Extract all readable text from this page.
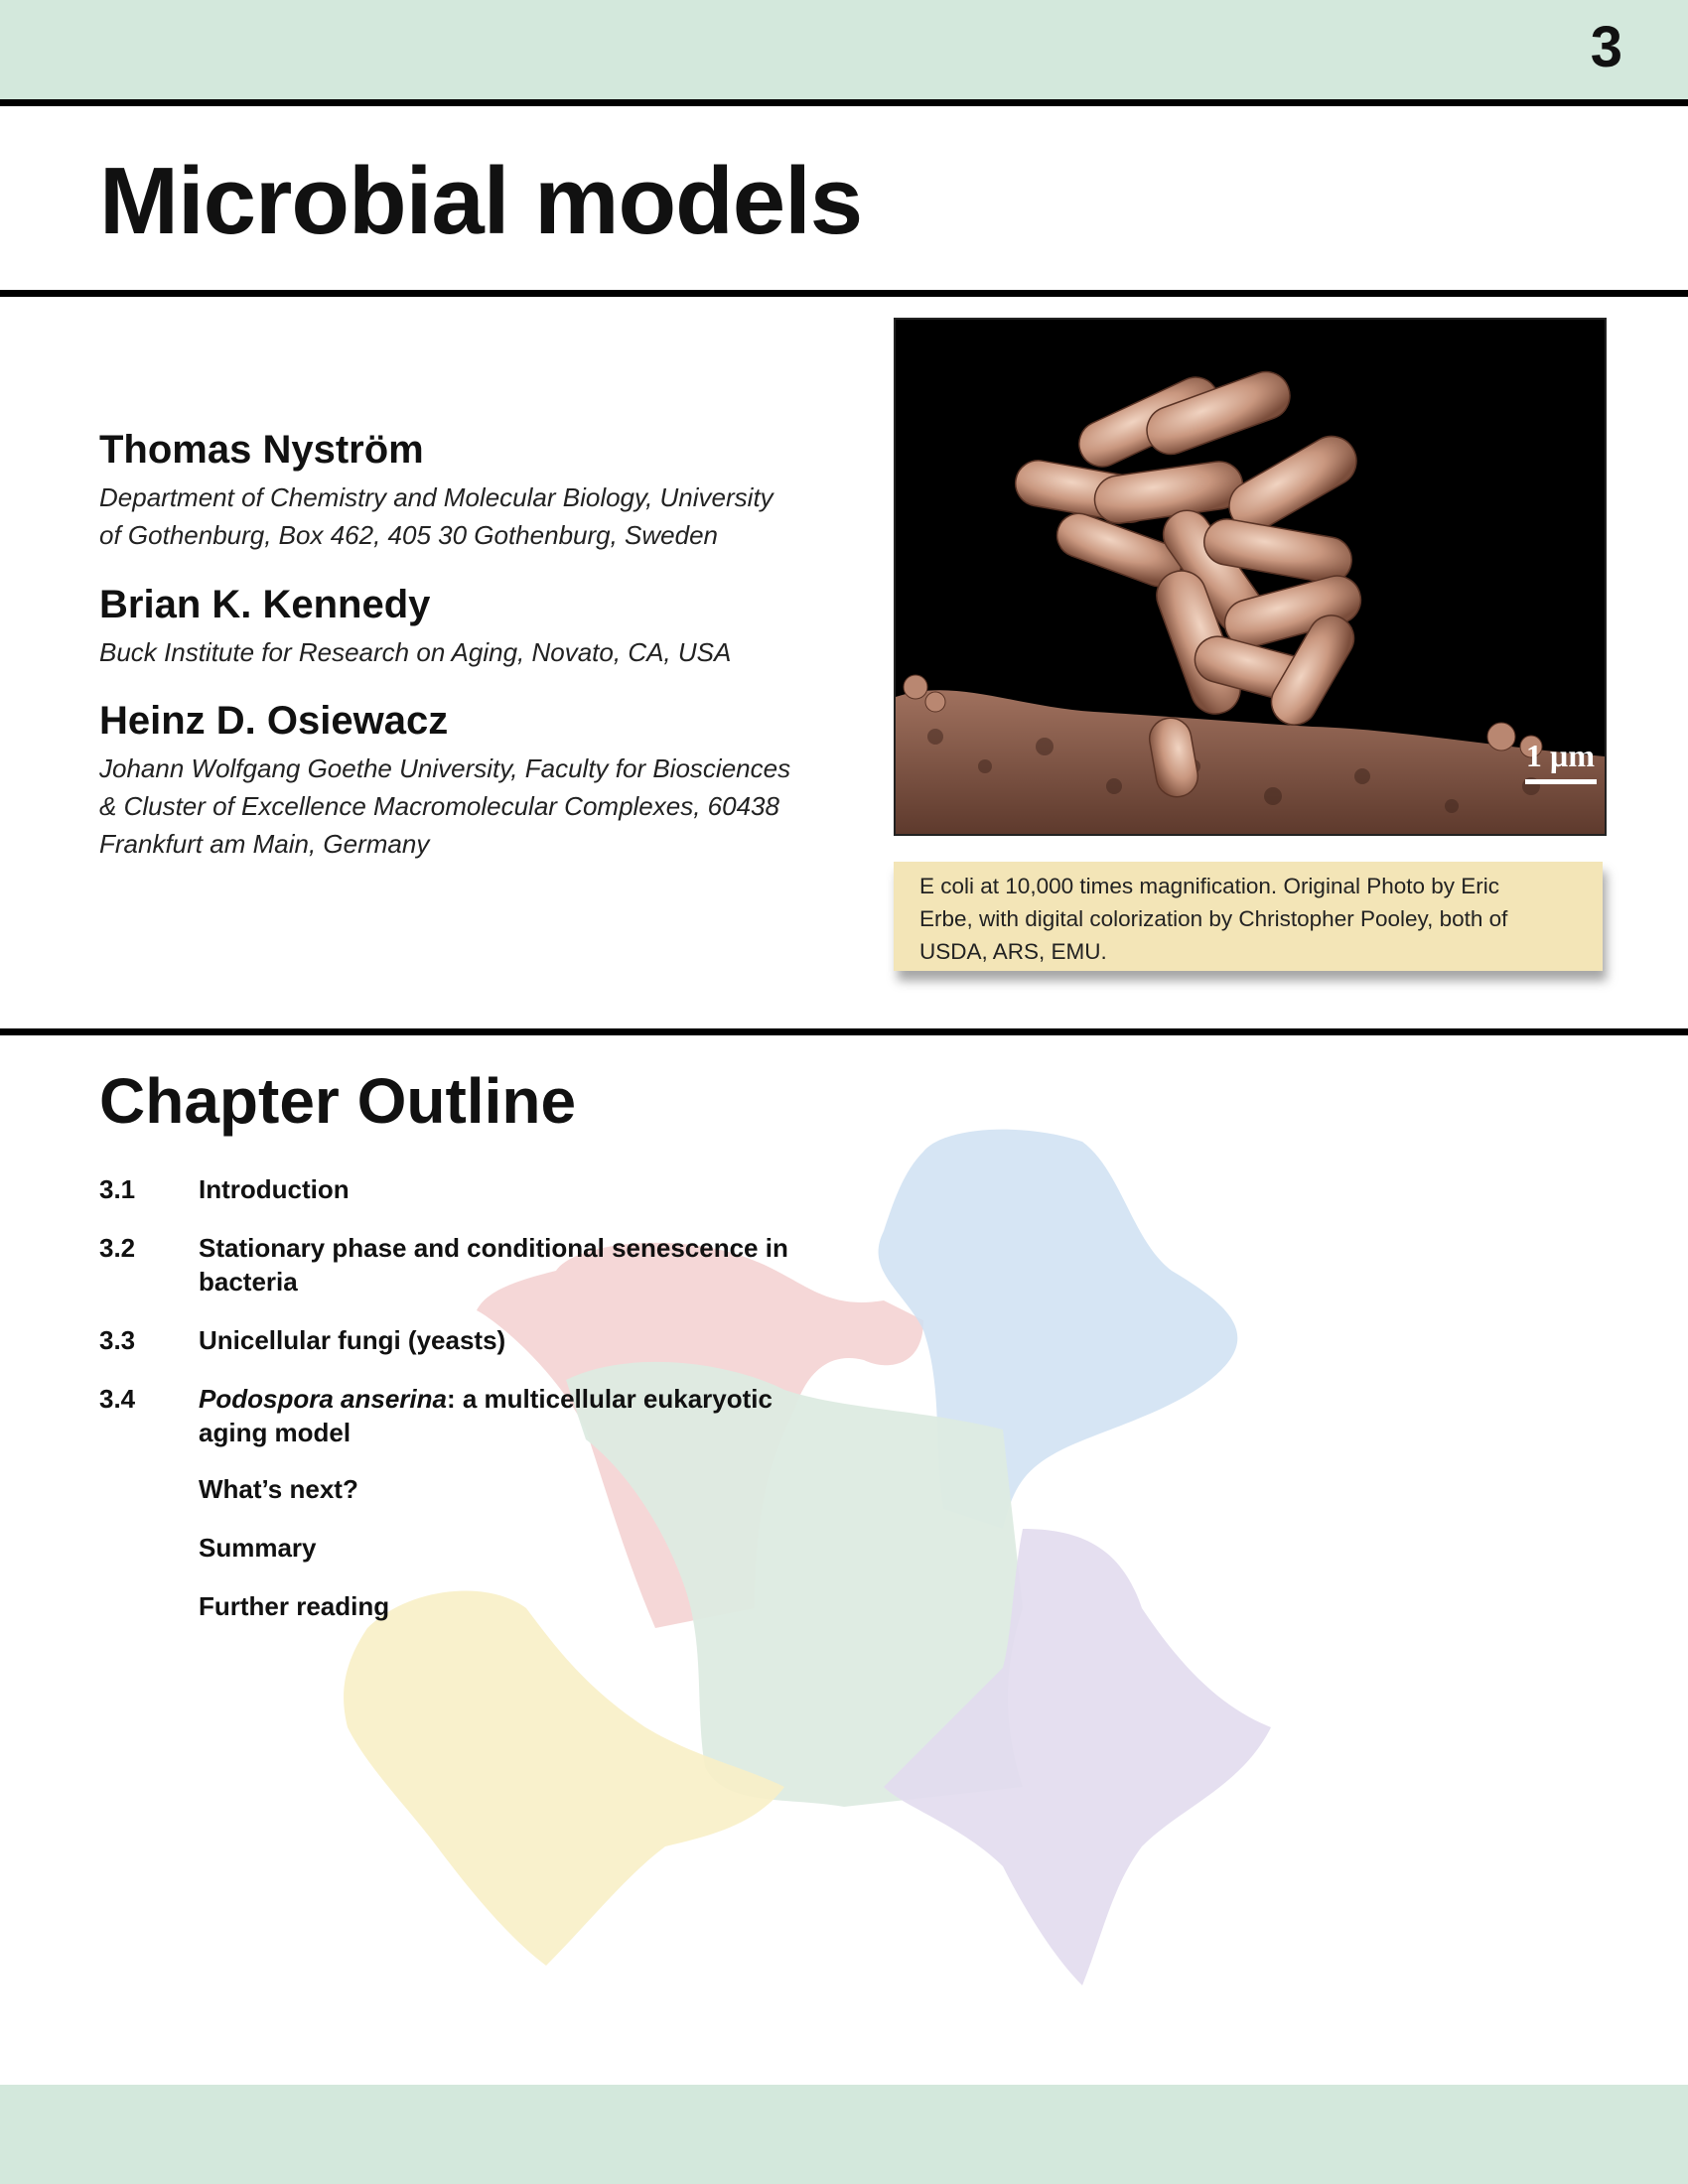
3
Microbial models
Thomas Nyström
Department of Chemistry and Molecular Biology, University
of Gothenburg, Box 462, 405 30 Gothenburg, Sweden
Brian K. Kennedy
Buck Institute for Research on Aging, Novato, CA, USA
Heinz D. Osiewacz
Johann Wolfgang Goethe University, Faculty for Biosciences
& Cluster of Excellence Macromolecular Complexes, 60438
Frankfurt am Main, Germany
1 µm
E coli at 10,000 times magnification. Original Photo by Eric
Erbe, with digital colorization by Christopher Pooley, both of
USDA, ARS, EMU.
Chapter Outline
3.1 Introduction
3.2 Stationary phase and conditional senescence in
bacteria
3.3 Unicellular fungi (yeasts)
3.4 Podospora anserina: a multicellular eukaryotic
aging model
What’s next?
Summary
Further reading
